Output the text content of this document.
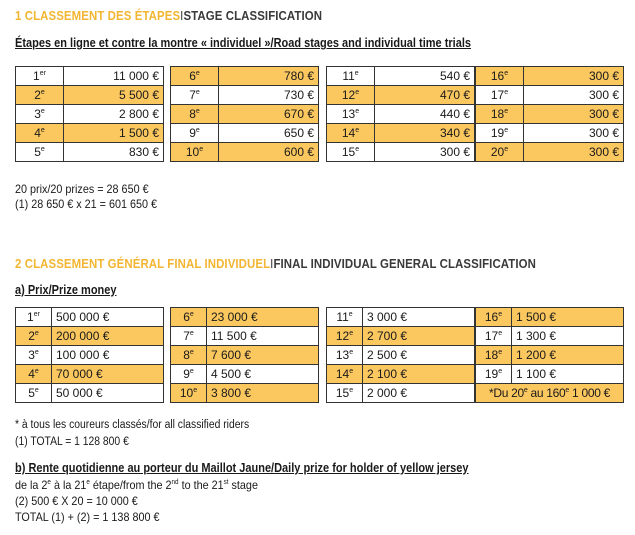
1 CLASSEMENT DES ÉTAPESISTAGE CLASSIFICATION
Étapes en ligne et contre la montre « individuel »/Road stages and individual time trials
1er	11 000 €
2e	5 500 €
3e	2 800 €
4e	1 500 €
5e	830 €
6e	780 €
7e	730 €
8e	670 €
9e	650 €
10e	600 €
11e	540 €
12e	470 €
13e	440 €
14e	340 €
15e	300 €
16e	300 €
17e	300 €
18e	300 €
19e	300 €
20e	300 €
20 prix/20 prizes = 28 650 €
(1) 28 650 € x 21 = 601 650 €
2 CLASSEMENT GÉNÉRAL FINAL INDIVIDUELIFINAL INDIVIDUAL GENERAL CLASSIFICATION
a) Prix/Prize money
1er	500 000 €
2e	200 000 €
3e	100 000 €
4e	70 000 €
5e	50 000 €
6e	23 000 €
7e	11 500 €
8e	7 600 €
9e	4 500 €
10e	3 800 €
11e	3 000 €
12e	2 700 €
13e	2 500 €
14e	2 100 €
15e	2 000 €
16e	1 500 €
17e	1 300 €
18e	1 200 €
19e	1 100 €
*Du 20e au 160e 1 000 €	
* à tous les coureurs classés/for all classified riders
(1) TOTAL = 1 128 800 €
b) Rente quotidienne au porteur du Maillot Jaune/Daily prize for holder of yellow jersey
de la 2e à la 21e étape/from the 2nd to the 21st stage
(2) 500 € X 20 = 10 000 €
TOTAL (1) + (2) = 1 138 800 €
